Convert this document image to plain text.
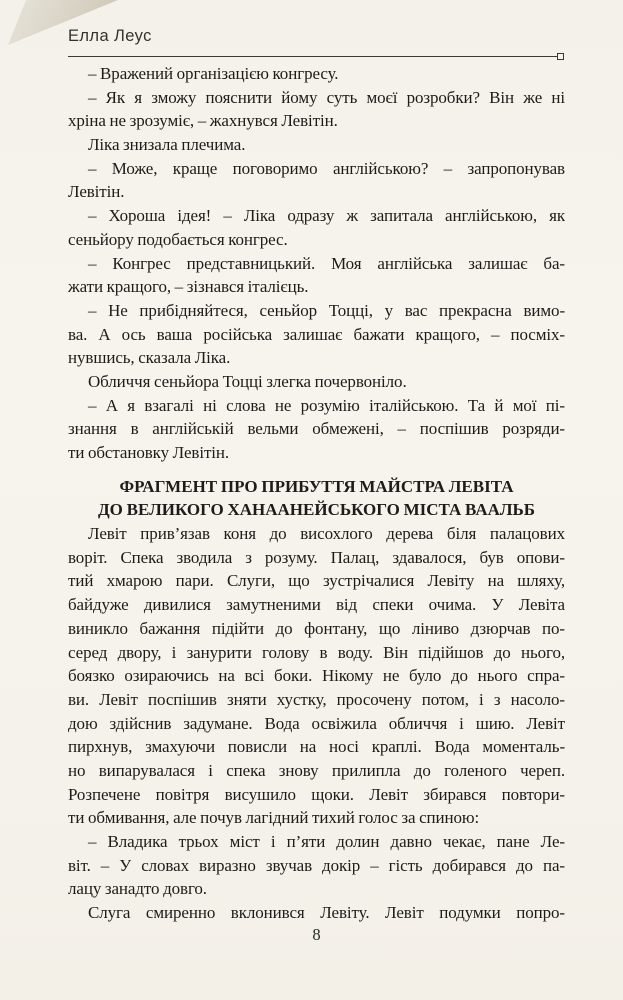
Елла Леус
– Вражений організацією конгресу.
– Як я зможу пояснити йому суть моєї розробки? Він же ні
хріна не зрозуміє, – жахнувся Левітін.
Ліка знизала плечима.
– Може, краще поговоримо англійською? – запропонував
Левітін.
– Хороша ідея! – Ліка одразу ж запитала англійською, як
сеньйору подобається конгрес.
– Конгрес представницький. Моя англійська залишає ба-
жати кращого, – зізнався італієць.
– Не прибідняйтеся, сеньйор Тоцці, у вас прекрасна вимо-
ва. А ось ваша російська залишає бажати кращого, – посміх-
нувшись, сказала Ліка.
Обличчя сеньйора Тоцці злегка почервоніло.
– А я взагалі ні слова не розумію італійською. Та й мої пі-
знання в англійській вельми обмежені, – поспішив розряди-
ти обстановку Левітін.
ФРАГМЕНТ ПРО ПРИБУТТЯ МАЙСТРА ЛЕВІТА
ДО ВЕЛИКОГО ХАНААНЕЙСЬКОГО МІСТА ВААЛЬБ
Левіт прив’язав коня до висохлого дерева біля палацових
воріт. Спека зводила з розуму. Палац, здавалося, був опови-
тий хмарою пари. Слуги, що зустрічалися Левіту на шляху,
байдуже дивилися замутненими від спеки очима. У Левіта
виникло бажання підійти до фонтану, що ліниво дзюрчав по-
серед двору, і занурити голову в воду. Він підійшов до нього,
боязко озираючись на всі боки. Нікому не було до нього спра-
ви. Левіт поспішив зняти хустку, просочену потом, і з насоло-
дою здійснив задумане. Вода освіжила обличчя і шию. Левіт
пирхнув, змахуючи повисли на носі краплі. Вода моменталь-
но випарувалася і спека знову прилипла до голеного череп.
Розпечене повітря висушило щоки. Левіт збирався повтори-
ти обмивання, але почув лагідний тихий голос за спиною:
– Владика трьох міст і п’яти долин давно чекає, пане Ле-
віт. – У словах виразно звучав докір – гість добирався до па-
лацу занадто довго.
Слуга смиренно вклонився Левіту. Левіт подумки попро-
8
